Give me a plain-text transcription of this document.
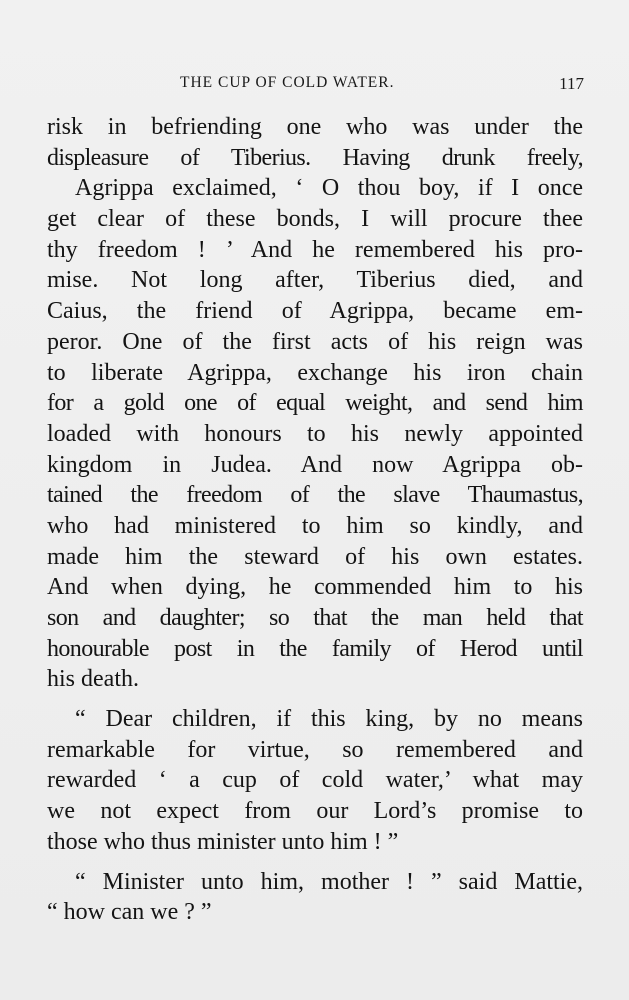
THE CUP OF COLD WATER.	117
risk in befriending one who was under the
displeasure of Tiberius. Having drunk freely,
Agrippa exclaimed, ‘ O thou boy, if I once
get clear of these bonds, I will procure thee
thy freedom ! ’ And he remembered his pro-
mise. Not long after, Tiberius died, and
Caius, the friend of Agrippa, became em-
peror. One of the first acts of his reign was
to liberate Agrippa, exchange his iron chain
for a gold one of equal weight, and send him
loaded with honours to his newly appointed
kingdom in Judea. And now Agrippa ob-
tained the freedom of the slave Thaumastus,
who had ministered to him so kindly, and
made him the steward of his own estates.
And when dying, he commended him to his
son and daughter; so that the man held that
honourable post in the family of Herod until
his death.
“ Dear children, if this king, by no means
remarkable for virtue, so remembered and
rewarded ‘ a cup of cold water,’ what may
we not expect from our Lord’s promise to
those who thus minister unto him ! ”
“ Minister unto him, mother ! ” said Mattie,
“ how can we ? ”
